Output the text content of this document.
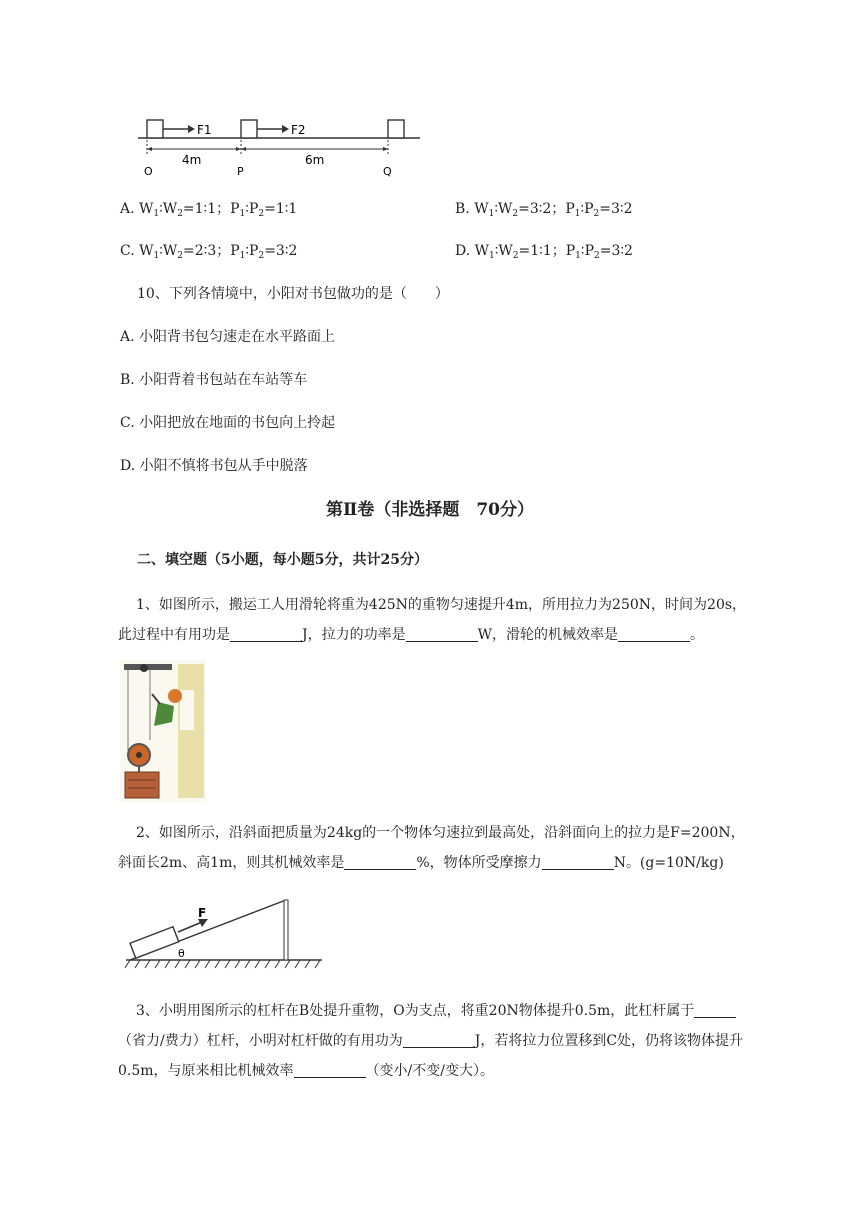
F1	F2
4m	6m
O	P	Q
A. $W_1∶W_2=1∶1$；$P_1∶P_2=1∶1$	B. $W_1∶W_2=3∶2$；$P_1∶P_2=3∶2$
C. $W_1∶W_2=2∶3$；$P_1∶P_2=3∶2$	D. $W_1∶W_2=1∶1$；$P_1∶P_2=3∶2$
10、下列各情境中，小阳对书包做功的是（　　）
A. 小阳背书包匀速走在水平路面上
B. 小阳背着书包站在车站等车
C. 小阳把放在地面的书包向上拎起
D. 小阳不慎将书包从手中脱落
第Ⅱ卷（非选择题　70分）
二、填空题（5小题，每小题5分，共计25分）
1、如图所示，搬运工人用滑轮将重为425N的重物匀速提升4m，所用拉力为250N，时间为20s，
此过程中有用功是	J，拉力的功率是	W，滑轮的机械效率是	。
2、如图所示，沿斜面把质量为24kg的一个物体匀速拉到最高处，沿斜面向上的拉力是F=200N，
斜面长2m、高1m，则其机械效率是	%，物体所受摩擦力	N。(g=10N/kg)
F
θ
3、小明用图所示的杠杆在B处提升重物，O为支点，将重20N物体提升0.5m，此杠杆属于
（省力/费力）杠杆，小明对杠杆做的有用功为	J，若将拉力位置移到C处，仍将该物体提升
0.5m，与原来相比机械效率	（变小/不变/变大）。
